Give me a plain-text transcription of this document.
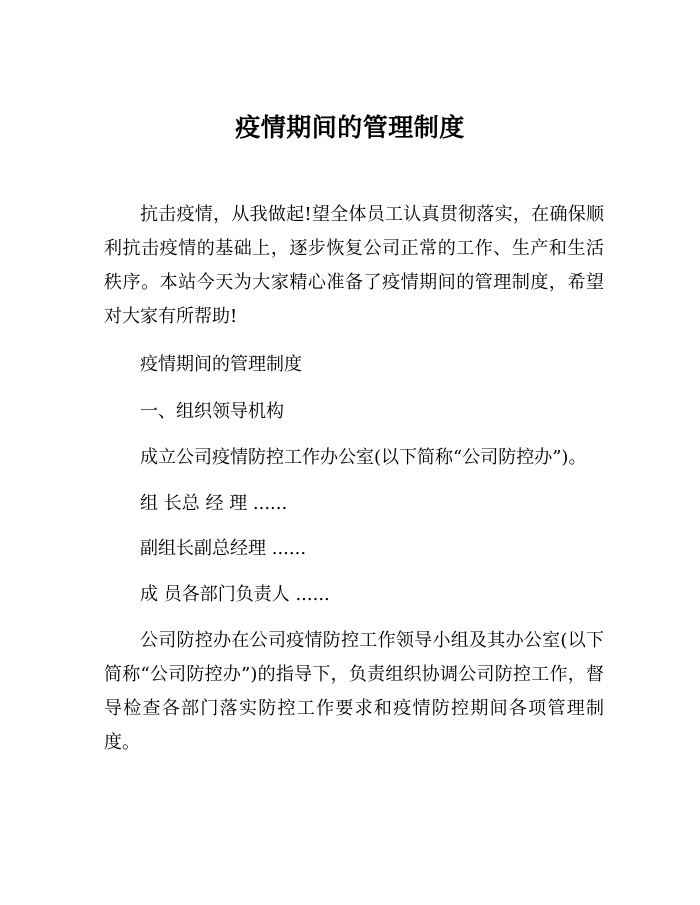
疫情期间的管理制度

抗击疫情，从我做起!望全体员工认真贯彻落实，在确保顺利抗击疫情的基础上，逐步恢复公司正常的工作、生产和生活秩序。本站今天为大家精心准备了疫情期间的管理制度，希望对大家有所帮助!

疫情期间的管理制度

一、组织领导机构

成立公司疫情防控工作办公室(以下简称“公司防控办”)。

组 长总 经 理 ......

副组长副总经理 ......

成 员各部门负责人 ......

公司防控办在公司疫情防控工作领导小组及其办公室(以下简称“公司防控办”)的指导下，负责组织协调公司防控工作，督导检查各部门落实防控工作要求和疫情防控期间各项管理制度。
